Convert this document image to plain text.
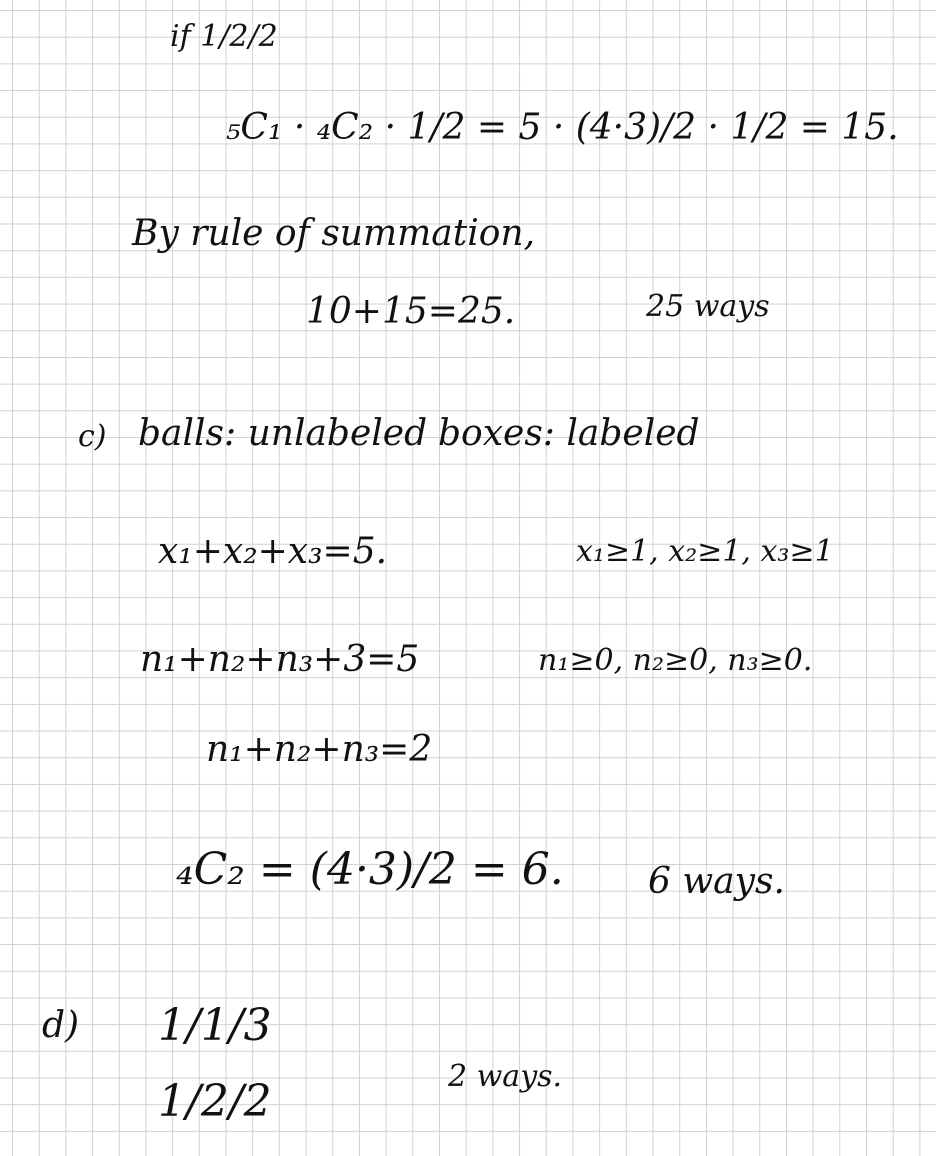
if 1/2/2
₅C₁ · ₄C₂ · 1/2 = 5 · (4·3)/2 · 1/2 = 15.
By rule of summation,
10+15=25.	25 ways
c) balls: unlabeled boxes: labeled
x₁+x₂+x₃=5.	x₁≥1, x₂≥1, x₃≥1
n₁+n₂+n₃+3=5	n₁≥0, n₂≥0, n₃≥0.
n₁+n₂+n₃=2
₄C₂ = (4·3)/2 = 6. 6 ways.
d) 1/1/3
1/2/2	2 ways.
